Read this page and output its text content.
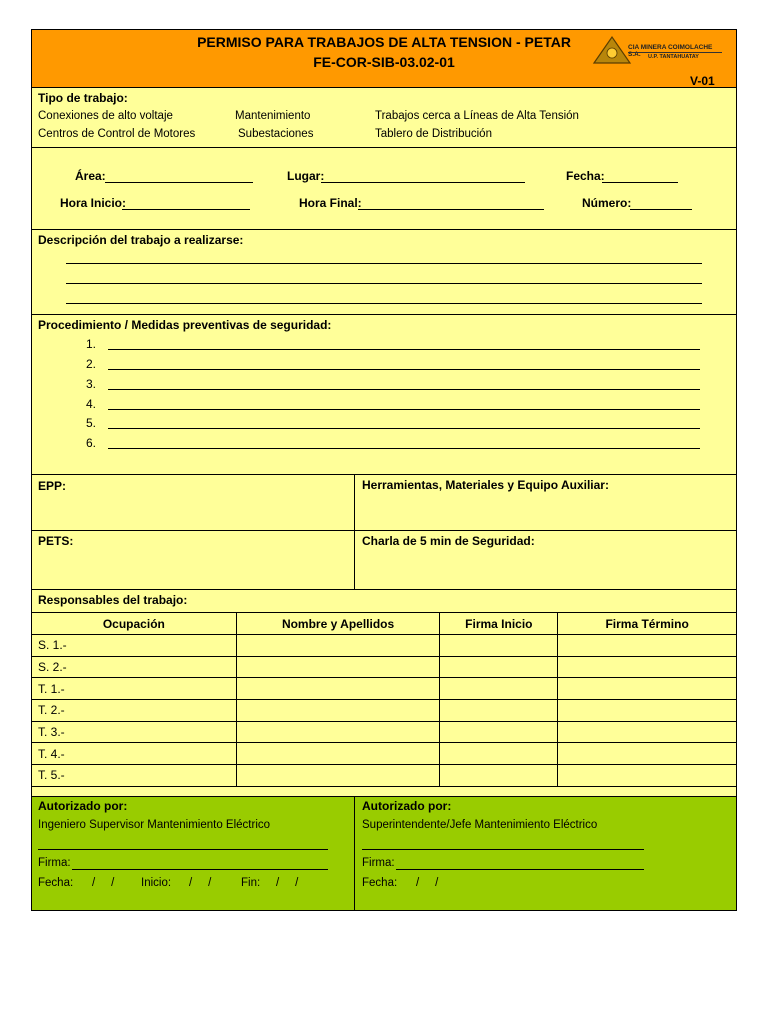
PERMISO PARA TRABAJOS DE ALTA TENSION - PETAR
FE-COR-SIB-03.02-01
V-01
CIA MINERA COIMOLACHE S.A.	U.P. TANTAHUATAY
Tipo de trabajo:
Conexiones de alto voltaje	Mantenimiento	Trabajos cerca a Líneas de Alta Tensión
Centros de Control de Motores	Subestaciones	Tablero de Distribución
Área:	Lugar:	Fecha:
Hora Inicio:	Hora Final:	Número:
Descripción del trabajo a realizarse:
Procedimiento / Medidas preventivas de seguridad:
1.
2.
3.
4.
5.
6.
EPP:	Herramientas, Materiales y Equipo Auxiliar:
PETS:	Charla de 5 min de Seguridad:
Responsables del trabajo:
Ocupación	Nombre y Apellidos	Firma Inicio	Firma Término
S. 1.-			
S. 2.-			
T. 1.-			
T. 2.-			
T. 3.-			
T. 4.-			
T. 5.-			
Autorizado por:
Ingeniero Supervisor Mantenimiento Eléctrico
Firma:
Fecha: /     / Inicio: /     /	Fin: /     /
Autorizado por:
Superintendente/Jefe Mantenimiento Eléctrico
Firma:
Fecha: /     /
